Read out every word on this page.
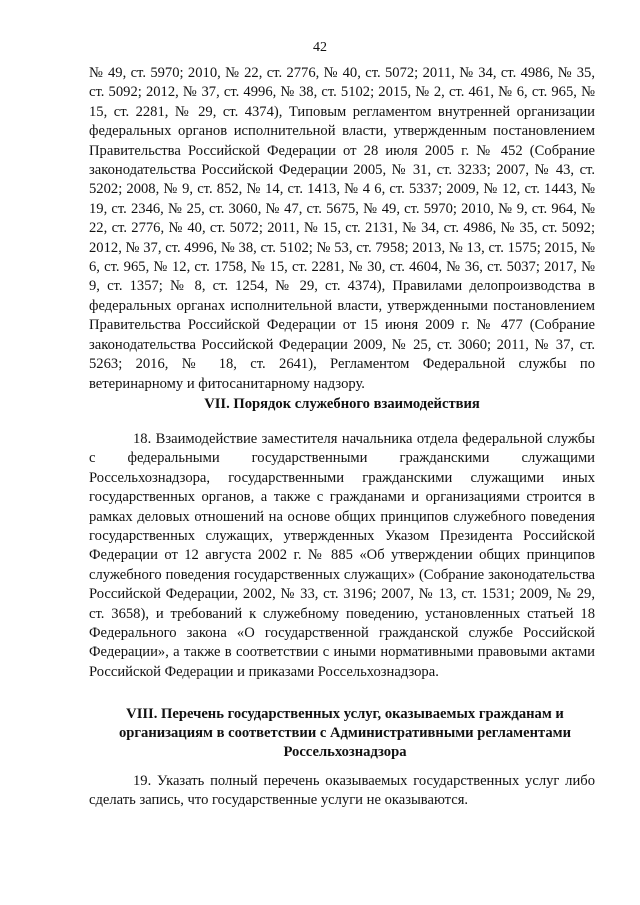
42

№ 49, ст. 5970; 2010, № 22, ст. 2776, № 40, ст. 5072; 2011, № 34, ст. 4986, № 35, ст. 5092; 2012, № 37, ст. 4996, № 38, ст. 5102; 2015, № 2, ст. 461, № 6, ст. 965, № 15, ст. 2281, № 29, ст. 4374), Типовым регламентом внутренней организации федеральных органов исполнительной власти, утвержденным постановлением Правительства Российской Федерации от 28 июля 2005 г. № 452 (Собрание законодательства Российской Федерации 2005, № 31, ст. 3233; 2007, № 43, ст. 5202; 2008, № 9, ст. 852, № 14, ст. 1413, № 4 6, ст. 5337; 2009, № 12, ст. 1443, № 19, ст. 2346, № 25, ст. 3060, № 47, ст. 5675, № 49, ст. 5970; 2010, № 9, ст. 964, № 22, ст. 2776, № 40, ст. 5072; 2011, № 15, ст. 2131, № 34, ст. 4986, № 35, ст. 5092; 2012, № 37, ст. 4996, № 38, ст. 5102; № 53, ст. 7958; 2013, № 13, ст. 1575; 2015, № 6, ст. 965, № 12, ст. 1758, № 15, ст. 2281, № 30, ст. 4604, № 36, ст. 5037; 2017, № 9, ст. 1357; № 8, ст. 1254, № 29, ст. 4374), Правилами делопроизводства в федеральных органах исполнительной власти, утвержденными постановлением Правительства Российской Федерации от 15 июня 2009 г. № 477 (Собрание законодательства Российской Федерации 2009, № 25, ст. 3060; 2011, № 37, ст. 5263; 2016, № 18, ст. 2641), Регламентом Федеральной службы по ветеринарному и фитосанитарному надзору.

VII. Порядок служебного взаимодействия

18. Взаимодействие заместителя начальника отдела федеральной службы с федеральными государственными гражданскими служащими Россельхознадзора, государственными гражданскими служащими иных государственных органов, а также с гражданами и организациями строится в рамках деловых отношений на основе общих принципов служебного поведения государственных служащих, утвержденных Указом Президента Российской Федерации от 12 августа 2002 г. № 885 «Об утверждении общих принципов служебного поведения государственных служащих» (Собрание законодательства Российской Федерации, 2002, № 33, ст. 3196; 2007, № 13, ст. 1531; 2009, № 29, ст. 3658), и требований к служебному поведению, установленных статьей 18 Федерального закона «О государственной гражданской службе Российской Федерации», а также в соответствии с иными нормативными правовыми актами Российской Федерации и приказами Россельхознадзора.

VIII. Перечень государственных услуг, оказываемых гражданам и организациям в соответствии с Административными регламентами Россельхознадзора

19. Указать полный перечень оказываемых государственных услуг либо сделать запись, что государственные услуги не оказываются.
